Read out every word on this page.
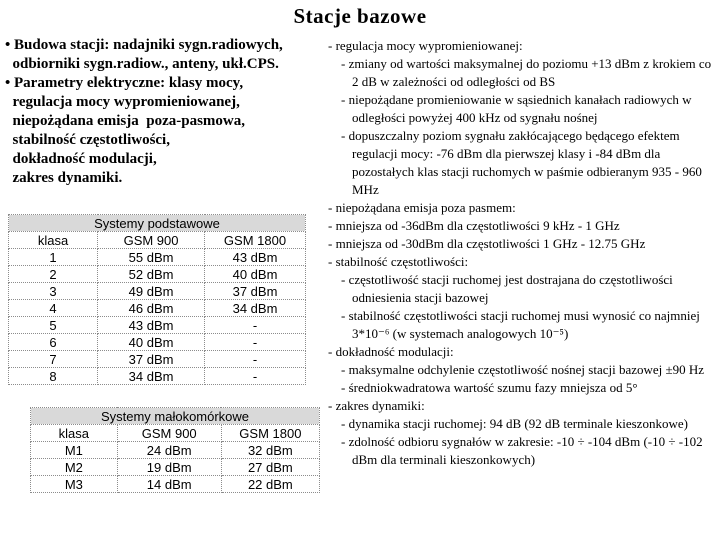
Stacje bazowe
• Budowa stacji: nadajniki sygn.radiowych,
odbiorniki sygn.radiow., anteny, ukł.CPS.
• Parametry elektryczne: klasy mocy,
regulacja mocy wypromieniowanej,
niepożądana emisja  poza-pasmowa,
stabilność częstotliwości,
dokładność modulacji,
zakres dynamiki.
Systemy podstawowe		
klasa	GSM 900	GSM 1800
1	55 dBm	43 dBm
2	52 dBm	40 dBm
3	49 dBm	37 dBm
4	46 dBm	34 dBm
5	43 dBm	-
6	40 dBm	-
7	37 dBm	-
8	34 dBm	-
Systemy małokomórkowe		
klasa	GSM 900	GSM 1800
M1	24 dBm	32 dBm
M2	19 dBm	27 dBm
M3	14 dBm	22 dBm
- regulacja mocy wypromieniowanej:
- zmiany od wartości maksymalnej do poziomu +13 dBm z krokiem co 2 dB w zależności od odległości od BS
- niepożądane promieniowanie w sąsiednich kanałach radiowych w odległości powyżej 400 kHz od sygnału nośnej
- dopuszczalny poziom sygnału zakłócającego będącego efektem regulacji mocy: -76 dBm dla pierwszej klasy i -84 dBm dla pozostałych klas stacji ruchomych w paśmie odbieranym 935 - 960 MHz
- niepożądana emisja poza pasmem:
- mniejsza od -36dBm dla częstotliwości 9 kHz - 1 GHz
- mniejsza od -30dBm dla częstotliwości 1 GHz - 12.75 GHz
- stabilność częstotliwości:
- częstotliwość stacji ruchomej jest dostrajana do częstotliwości odniesienia stacji bazowej
- stabilność częstotliwości stacji ruchomej musi wynosić co najmniej 3*10⁻⁶ (w systemach analogowych 10⁻⁵)
- dokładność modulacji:
- maksymalne odchylenie częstotliwość nośnej stacji bazowej ±90 Hz
- średniokwadratowa wartość szumu fazy mniejsza od 5°
- zakres dynamiki:
- dynamika stacji ruchomej: 94 dB (92 dB terminale kieszonkowe)
- zdolność odbioru sygnałów w zakresie: -10 ÷ -104 dBm (-10 ÷ -102 dBm dla terminali kieszonkowych)
